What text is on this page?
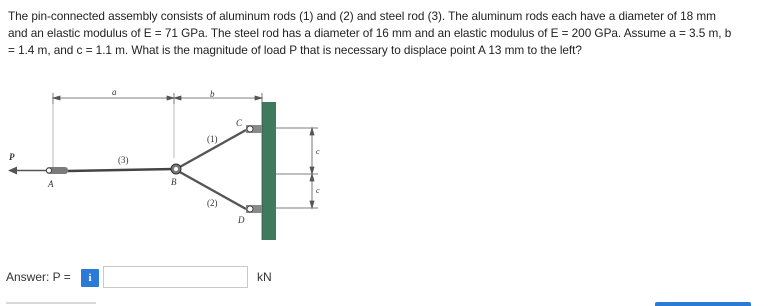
The pin-connected assembly consists of aluminum rods (1) and (2) and steel rod (3). The aluminum rods each have a diameter of 18 mm

and an elastic modulus of E = 71 GPa. The steel rod has a diameter of 16 mm and an elastic modulus of E = 200 GPa. Assume a = 3.5 m, b

= 1.4 m, and c = 1.1 m. What is the magnitude of load P that is necessary to displace point A 13 mm to the left?

a	b
c
c
(3)
(1)
(2)
C
D
B
A
P
Answer: P =	i	kN
